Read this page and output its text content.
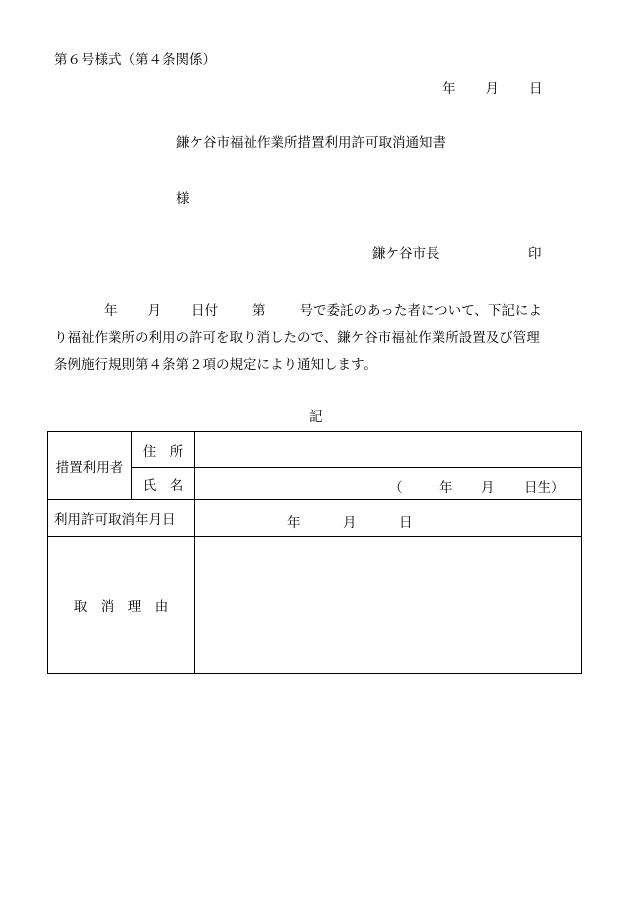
第６号様式（第４条関係）
年 月 日
鎌ケ谷市福祉作業所措置利用許可取消通知書
様
鎌ケ谷市長	印
年 月 日付	第	号で委託のあった者について、下記によ
り福祉作業所の利用の許可を取り消したので、鎌ケ谷市福祉作業所設置及び管理
条例施行規則第４条第２項の規定により通知します。
記
措置利用者	住　所	
	氏　名	（ 年 月 日生）

利用許可取消年月日		年 月 日

取　消　理　由		
